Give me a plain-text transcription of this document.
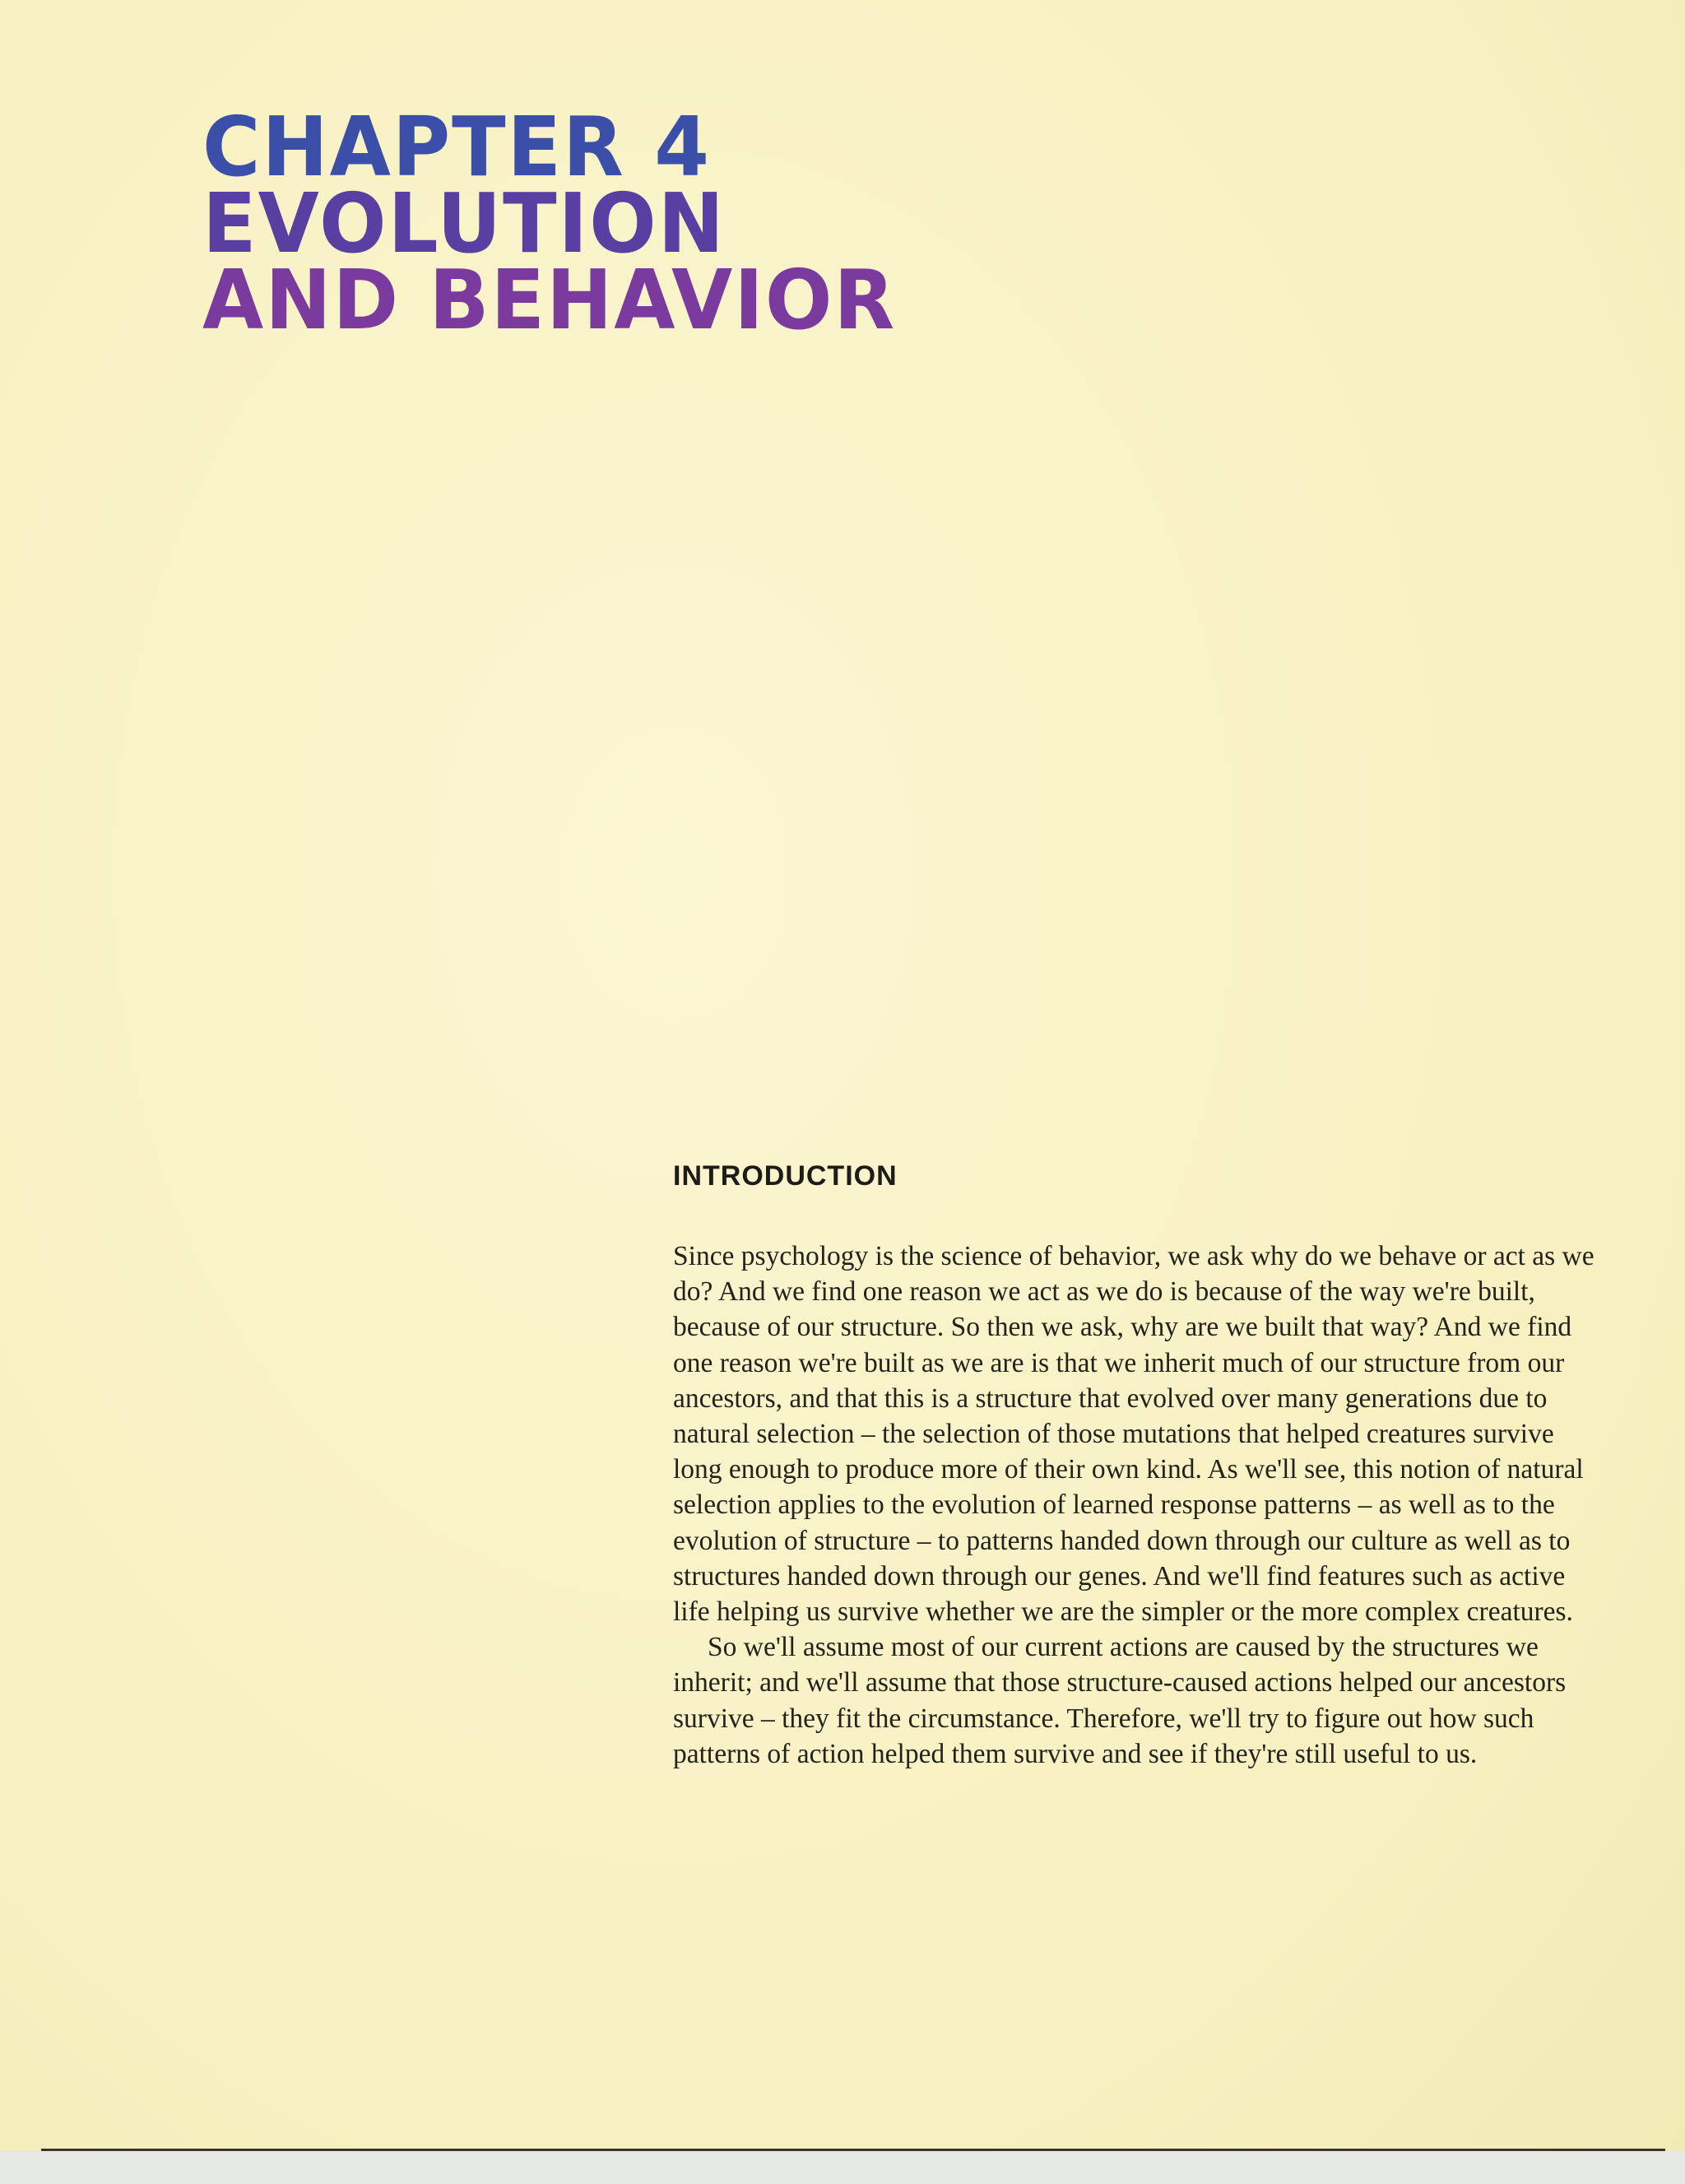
CHAPTER 4
EVOLUTION
AND BEHAVIOR
INTRODUCTION

Since psychology is the science of behavior, we ask why do we behave or act as we do? And we find one reason we act as we do is because of the way we're built, because of our structure. So then we ask, why are we built that way? And we find one reason we're built as we are is that we inherit much of our structure from our ancestors, and that this is a structure that evolved over many generations due to natural selection – the selection of those mutations that helped creatures survive long enough to produce more of their own kind. As we'll see, this notion of natural selection applies to the evolution of learned response patterns – as well as to the evolution of structure – to patterns handed down through our culture as well as to structures handed down through our genes. And we'll find features such as active life helping us survive whether we are the simpler or the more complex creatures.

So we'll assume most of our current actions are caused by the structures we inherit; and we'll assume that those structure-caused actions helped our ancestors survive – they fit the circumstance. Therefore, we'll try to figure out how such patterns of action helped them survive and see if they're still useful to us.
